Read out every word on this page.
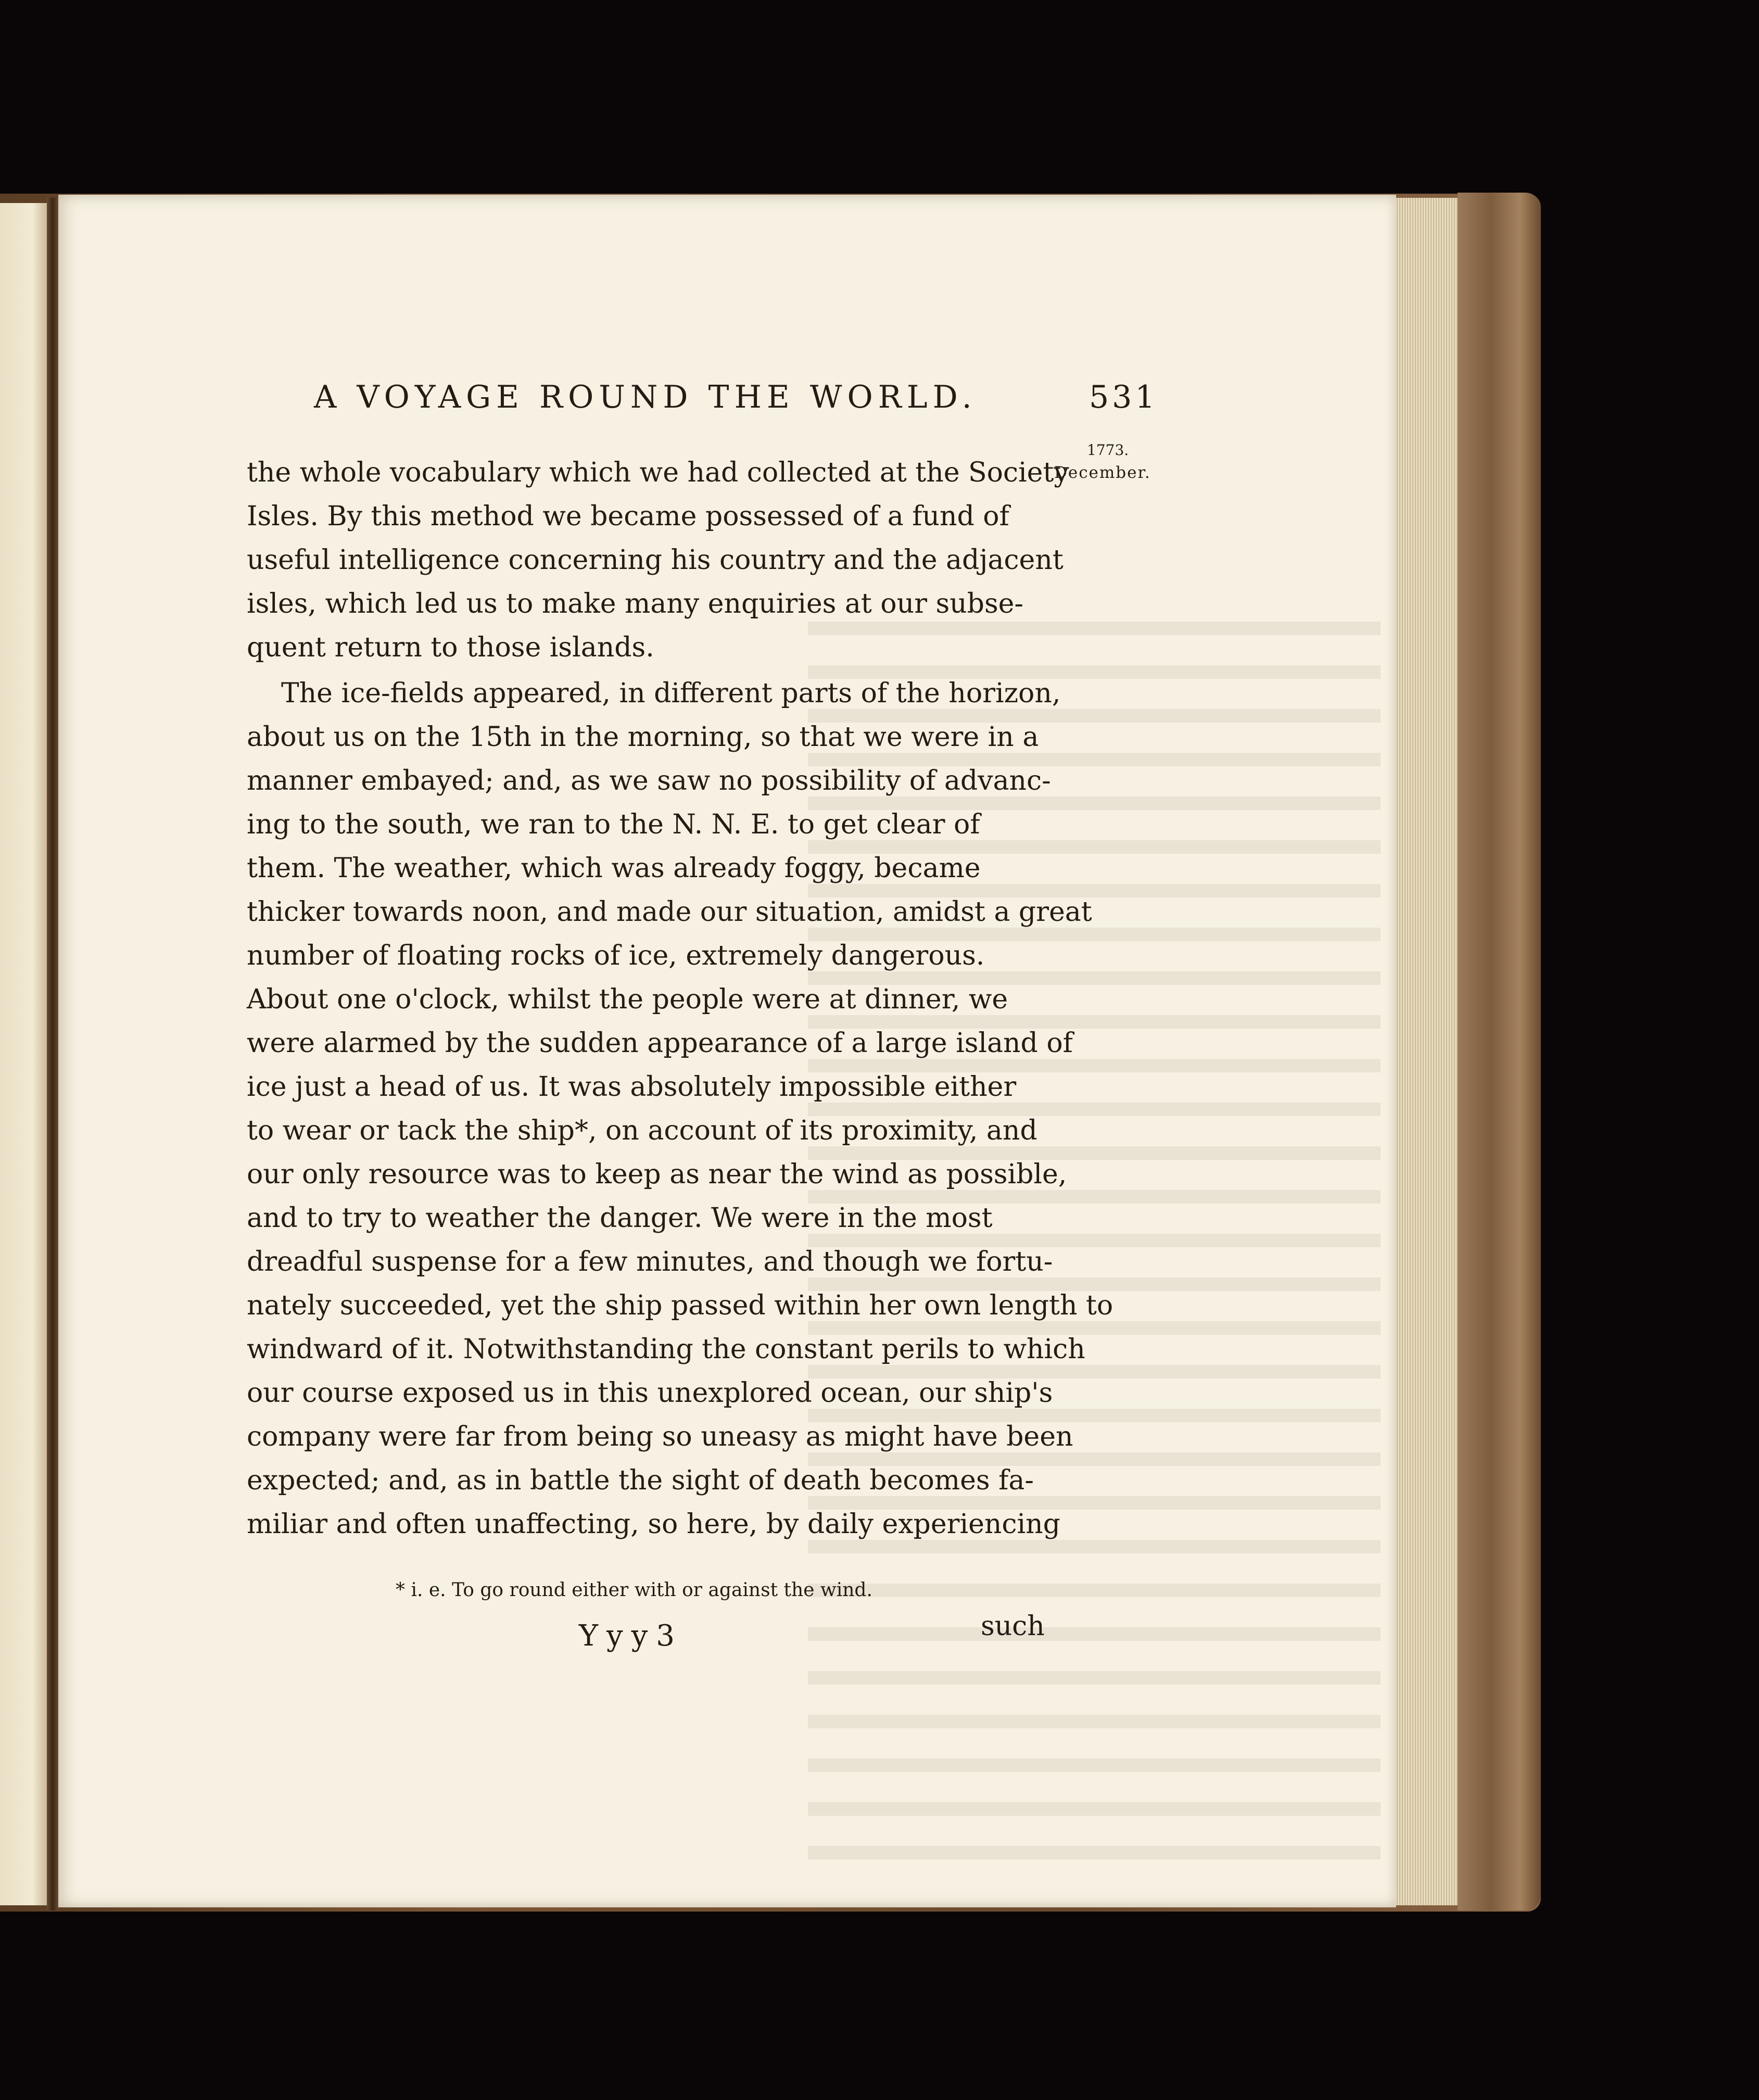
A VOYAGE ROUND THE WORLD.	531
1773.
December.
the whole vocabulary which we had collected at the Society
Isles. By this method we became possessed of a fund of
useful intelligence concerning his country and the adjacent
isles, which led us to make many enquiries at our subse-
quent return to those islands.
The ice-fields appeared, in different parts of the horizon,
about us on the 15th in the morning, so that we were in a
manner embayed; and, as we saw no possibility of advanc-
ing to the south, we ran to the N. N. E. to get clear of
them. The weather, which was already foggy, became
thicker towards noon, and made our situation, amidst a great
number of floating rocks of ice, extremely dangerous.
About one o'clock, whilst the people were at dinner, we
were alarmed by the sudden appearance of a large island of
ice just a head of us. It was absolutely impossible either
to wear or tack the ship*, on account of its proximity, and
our only resource was to keep as near the wind as possible,
and to try to weather the danger. We were in the most
dreadful suspense for a few minutes, and though we fortu-
nately succeeded, yet the ship passed within her own length to
windward of it. Notwithstanding the constant perils to which
our course exposed us in this unexplored ocean, our ship's
company were far from being so uneasy as might have been
expected; and, as in battle the sight of death becomes fa-
miliar and often unaffecting, so here, by daily experiencing
* i. e. To go round either with or against the wind.
Yyy3	such
